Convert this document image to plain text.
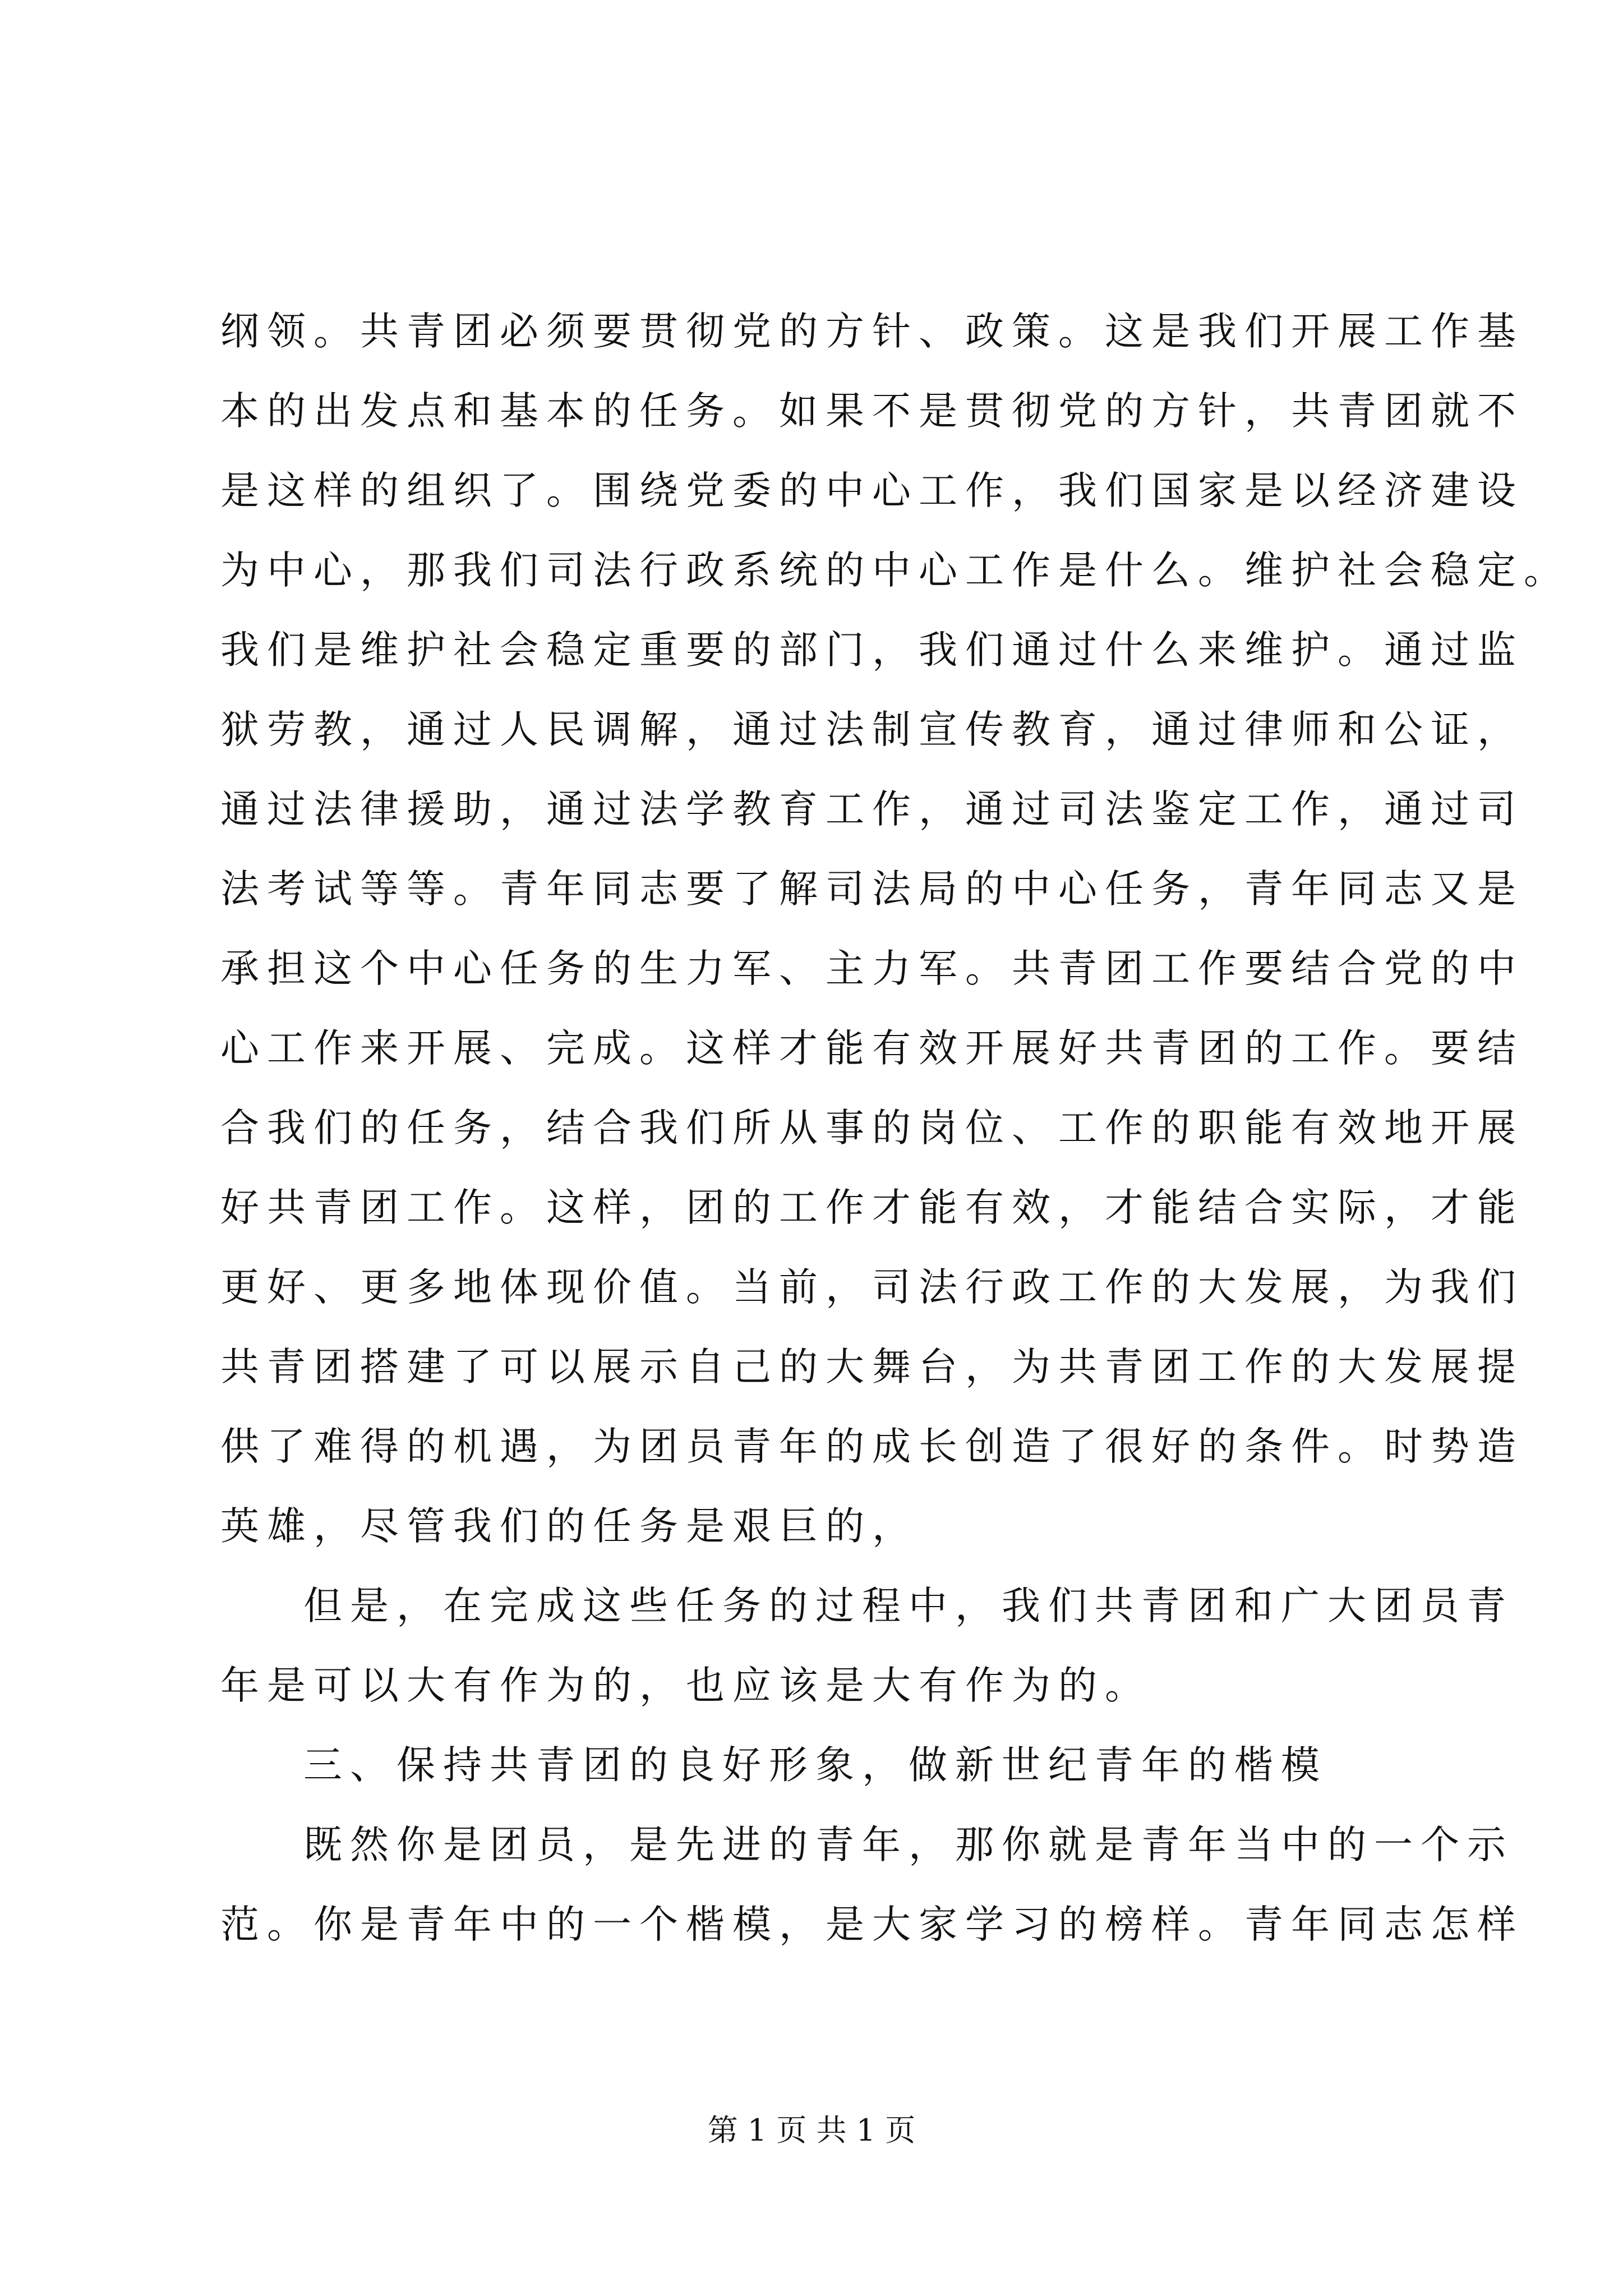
纲领。共青团必须要贯彻党的方针、政策。这是我们开展工作基
本的出发点和基本的任务。如果不是贯彻党的方针，共青团就不
是这样的组织了。围绕党委的中心工作，我们国家是以经济建设
为中心，那我们司法行政系统的中心工作是什么。维护社会稳定。
我们是维护社会稳定重要的部门，我们通过什么来维护。通过监
狱劳教，通过人民调解，通过法制宣传教育，通过律师和公证，
通过法律援助，通过法学教育工作，通过司法鉴定工作，通过司
法考试等等。青年同志要了解司法局的中心任务，青年同志又是
承担这个中心任务的生力军、主力军。共青团工作要结合党的中
心工作来开展、完成。这样才能有效开展好共青团的工作。要结
合我们的任务，结合我们所从事的岗位、工作的职能有效地开展
好共青团工作。这样，团的工作才能有效，才能结合实际，才能
更好、更多地体现价值。当前，司法行政工作的大发展，为我们
共青团搭建了可以展示自己的大舞台，为共青团工作的大发展提
供了难得的机遇，为团员青年的成长创造了很好的条件。时势造
英雄，尽管我们的任务是艰巨的，
但是，在完成这些任务的过程中，我们共青团和广大团员青
年是可以大有作为的，也应该是大有作为的。
三、保持共青团的良好形象，做新世纪青年的楷模
既然你是团员，是先进的青年，那你就是青年当中的一个示
范。你是青年中的一个楷模，是大家学习的榜样。青年同志怎样
第 1 页 共 1 页
